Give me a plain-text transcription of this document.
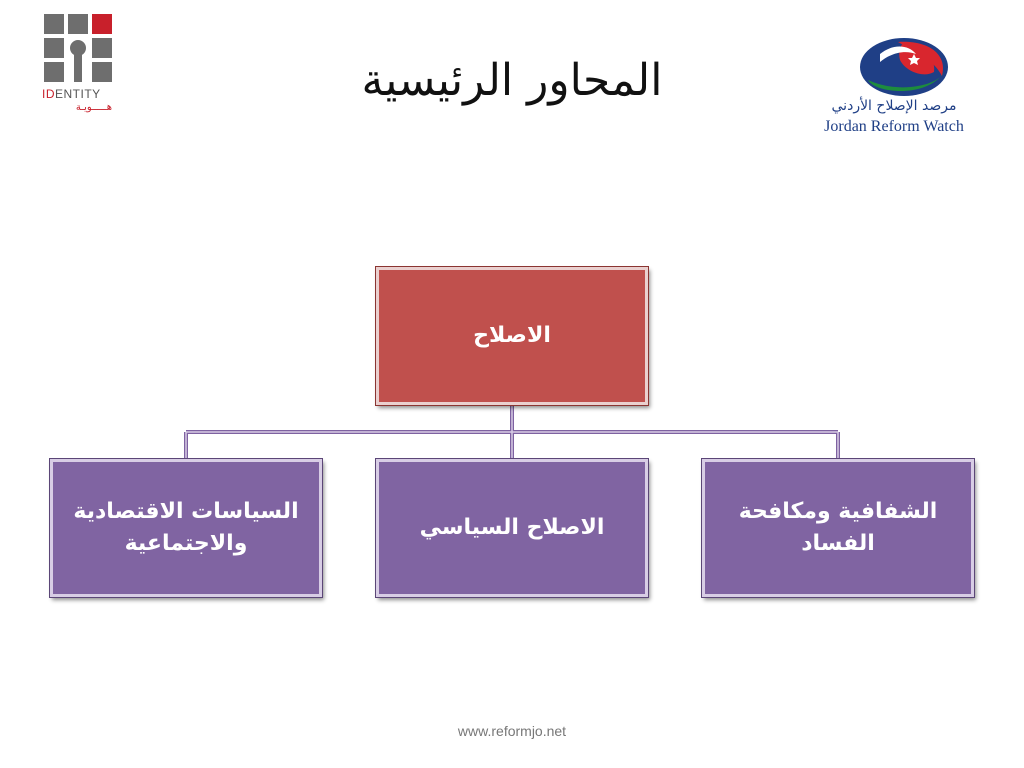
IDENTITY
هـــــويـة
المحاور الرئيسية	مرصد الإصلاح الأردني
Jordan Reform Watch
الاصلاح
الشفافية ومكافحة الفساد
الاصلاح السياسي
السياسات الاقتصادية والاجتماعية
www.reformjo.net
